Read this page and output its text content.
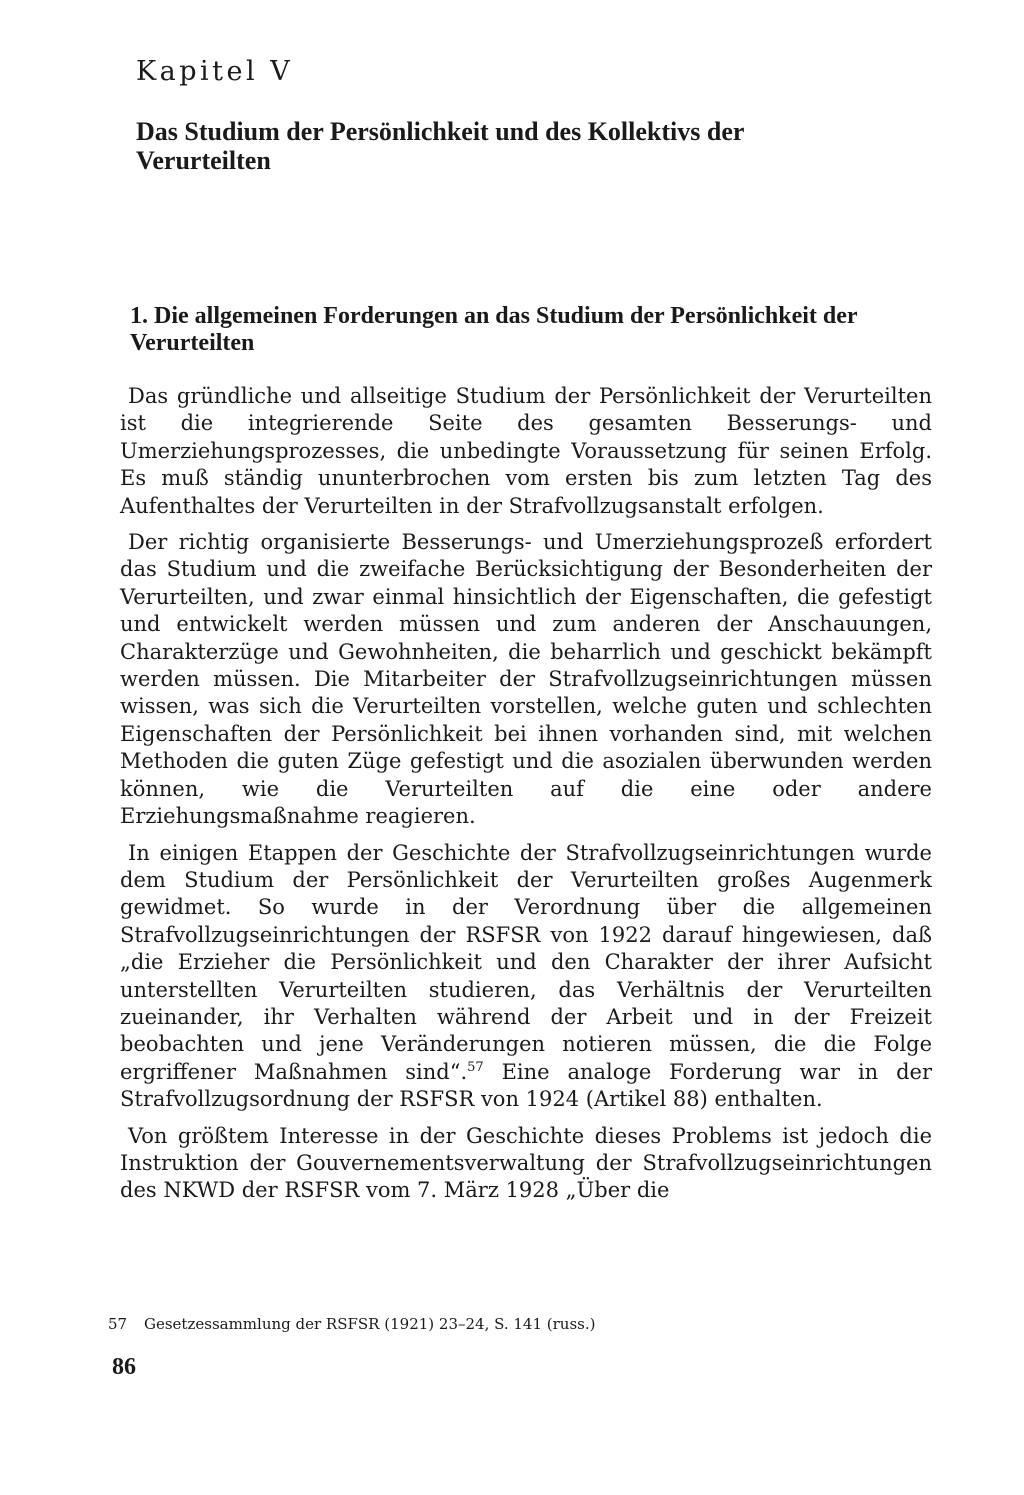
Kapitel V
Das Studium der Persönlichkeit und des Kollektivs der Verurteilten
1. Die allgemeinen Forderungen an das Studium der Persönlichkeit der Verurteilten

Das gründliche und allseitige Studium der Persönlichkeit der Verurteilten ist die integrierende Seite des gesamten Besserungs- und Umerziehungsprozesses, die unbedingte Voraussetzung für seinen Erfolg. Es muß ständig ununterbrochen vom ersten bis zum letzten Tag des Aufenthaltes der Verurteilten in der Strafvollzugsanstalt erfolgen.

Der richtig organisierte Besserungs- und Umerziehungsprozeß erfordert das Studium und die zweifache Berücksichtigung der Besonderheiten der Verurteilten, und zwar einmal hinsichtlich der Eigenschaften, die gefestigt und entwickelt werden müssen und zum anderen der Anschauungen, Charakterzüge und Gewohnheiten, die beharrlich und geschickt bekämpft werden müssen. Die Mitarbeiter der Strafvollzugseinrichtungen müssen wissen, was sich die Verurteilten vorstellen, welche guten und schlechten Eigenschaften der Persönlichkeit bei ihnen vorhanden sind, mit welchen Methoden die guten Züge gefestigt und die asozialen überwunden werden können, wie die Verurteilten auf die eine oder andere Erziehungsmaßnahme reagieren.

In einigen Etappen der Geschichte der Strafvollzugseinrichtungen wurde dem Studium der Persönlichkeit der Verurteilten großes Augenmerk gewidmet. So wurde in der Verordnung über die allgemeinen Strafvollzugseinrichtungen der RSFSR von 1922 darauf hingewiesen, daß „die Erzieher die Persönlichkeit und den Charakter der ihrer Aufsicht unterstellten Verurteilten studieren, das Verhältnis der Verurteilten zueinander, ihr Verhalten während der Arbeit und in der Freizeit beobachten und jene Veränderungen notieren müssen, die die Folge ergriffener Maßnahmen sind“.$^{57}$ Eine analoge Forderung war in der Strafvollzugsordnung der RSFSR von 1924 (Artikel 88) enthalten.

Von größtem Interesse in der Geschichte dieses Problems ist jedoch die Instruktion der Gouvernementsverwaltung der Strafvollzugseinrichtungen des NKWD der RSFSR vom 7. März 1928 „Über die

57 Gesetzessammlung der RSFSR (1921) 23–24, S. 141 (russ.)

86
